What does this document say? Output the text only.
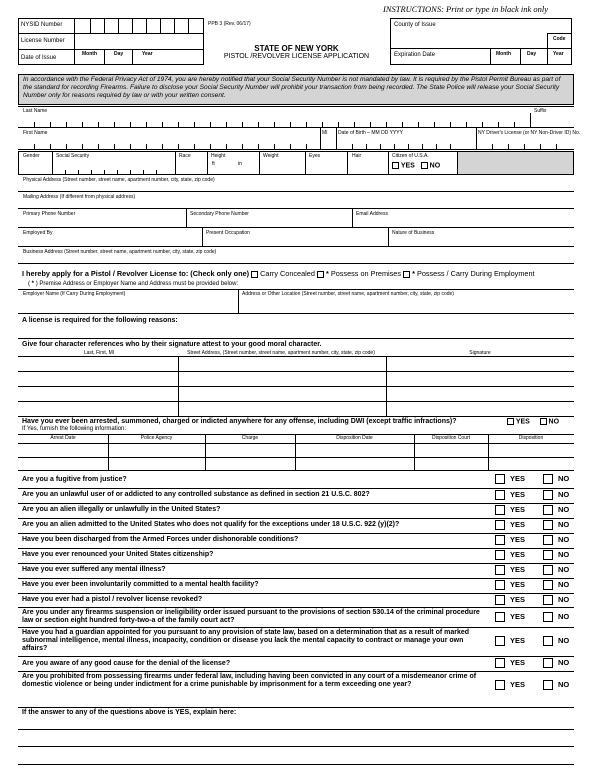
INSTRUCTIONS: Print or type in black ink only
NYSID Number
License Number
Date of Issue
Month	Day	Year
PPB 3 (Rev. 06/17)
STATE OF NEW YORK
PISTOL /REVOLVER LICENSE APPLICATION
County of Issue
Code
Expiration Date	Month	Day	Year
In accordance with the Federal Privacy Act of 1974, you are hereby notified that your Social Security Number is not mandated by law. It is required by the Pistol Permit Bureau as part of the standard for recording Firearms. Failure to disclose your Social Security Number will prohibit your transaction from being recorded. The State Police will release your Social Security Number only for reasons required by law or with your written consent.
Last Name	Suffix
First Name	MI Date of Birth – MM DD YYYY	NY Driver's License (or NY Non-Driver ID) No.
Gender	Social Security	Race	Height
ft	in
Weight	Eyes	Hair	Citizen of U.S.A.
YES NO
Physical Address (Street number, street name, apartment number, city, state, zip code)
Mailing Address (If different from physical address)
Primary Phone Number	Secondary Phone Number	Email Address
Employed By	Present Occupation	Nature of Business
Business Address (Street number, street name, apartment number, city, state, zip code)
I hereby apply for a Pistol / Revolver License to: (Check only one) Carry Concealed * Possess on Premises * Possess / Carry During Employment
( * ) Premise Address or Employer Name and Address must be provided below:
Employer Name (If Carry During Employment)	Address or Other Location (Street number, street name, apartment number, city, state, zip code)
A license is required for the following reasons:
Give four character references who by their signature attest to your good moral character.
Last, First, MI	Street Address, (Street number, street name, apartment number, city, state, zip code)	Signature
Have you ever been arrested, summoned, charged or indicted anywhere for any offense, including DWI (except traffic infractions)?	YES	NO
If Yes, furnish the following information:
Arrest Date	Police Agency	Charge	Disposition Date	Disposition Court	Disposition
Are you a fugitive from justice?	YES	NO
Are you an unlawful user of or addicted to any controlled substance as defined in section 21 U.S.C. 802?	YES	NO
Are you an alien illegally or unlawfully in the United States?	YES	NO
Are you an alien admitted to the United States who does not qualify for the exceptions under 18 U.S.C. 922 (y)(2)?	YES	NO
Have you been discharged from the Armed Forces under dishonorable conditions?	YES	NO
Have you ever renounced your United States citizenship?	YES	NO
Have you ever suffered any mental illness?	YES	NO
Have you ever been involuntarily committed to a mental health facility?	YES	NO
Have you ever had a pistol / revolver license revoked?	YES	NO
Are you under any firearms suspension or ineligibility order issued pursuant to the provisions of section 530.14 of the criminal procedure law or section eight hundred forty-two-a of the family court act?	YES	NO
Have you had a guardian appointed for you pursuant to any provision of state law, based on a determination that as a result of marked subnormal intelligence, mental illness, incapacity, condition or disease you lack the mental capacity to contract or manage your own affairs?
YES	NO
Are you aware of any good cause for the denial of the license?	YES	NO
Are you prohibited from possessing firearms under federal law, including having been convicted in any court of a misdemeanor crime of domestic violence or being under indictment for a crime punishable by imprisonment for a term exceeding one year?	YES	NO
If the answer to any of the questions above is YES, explain here:
